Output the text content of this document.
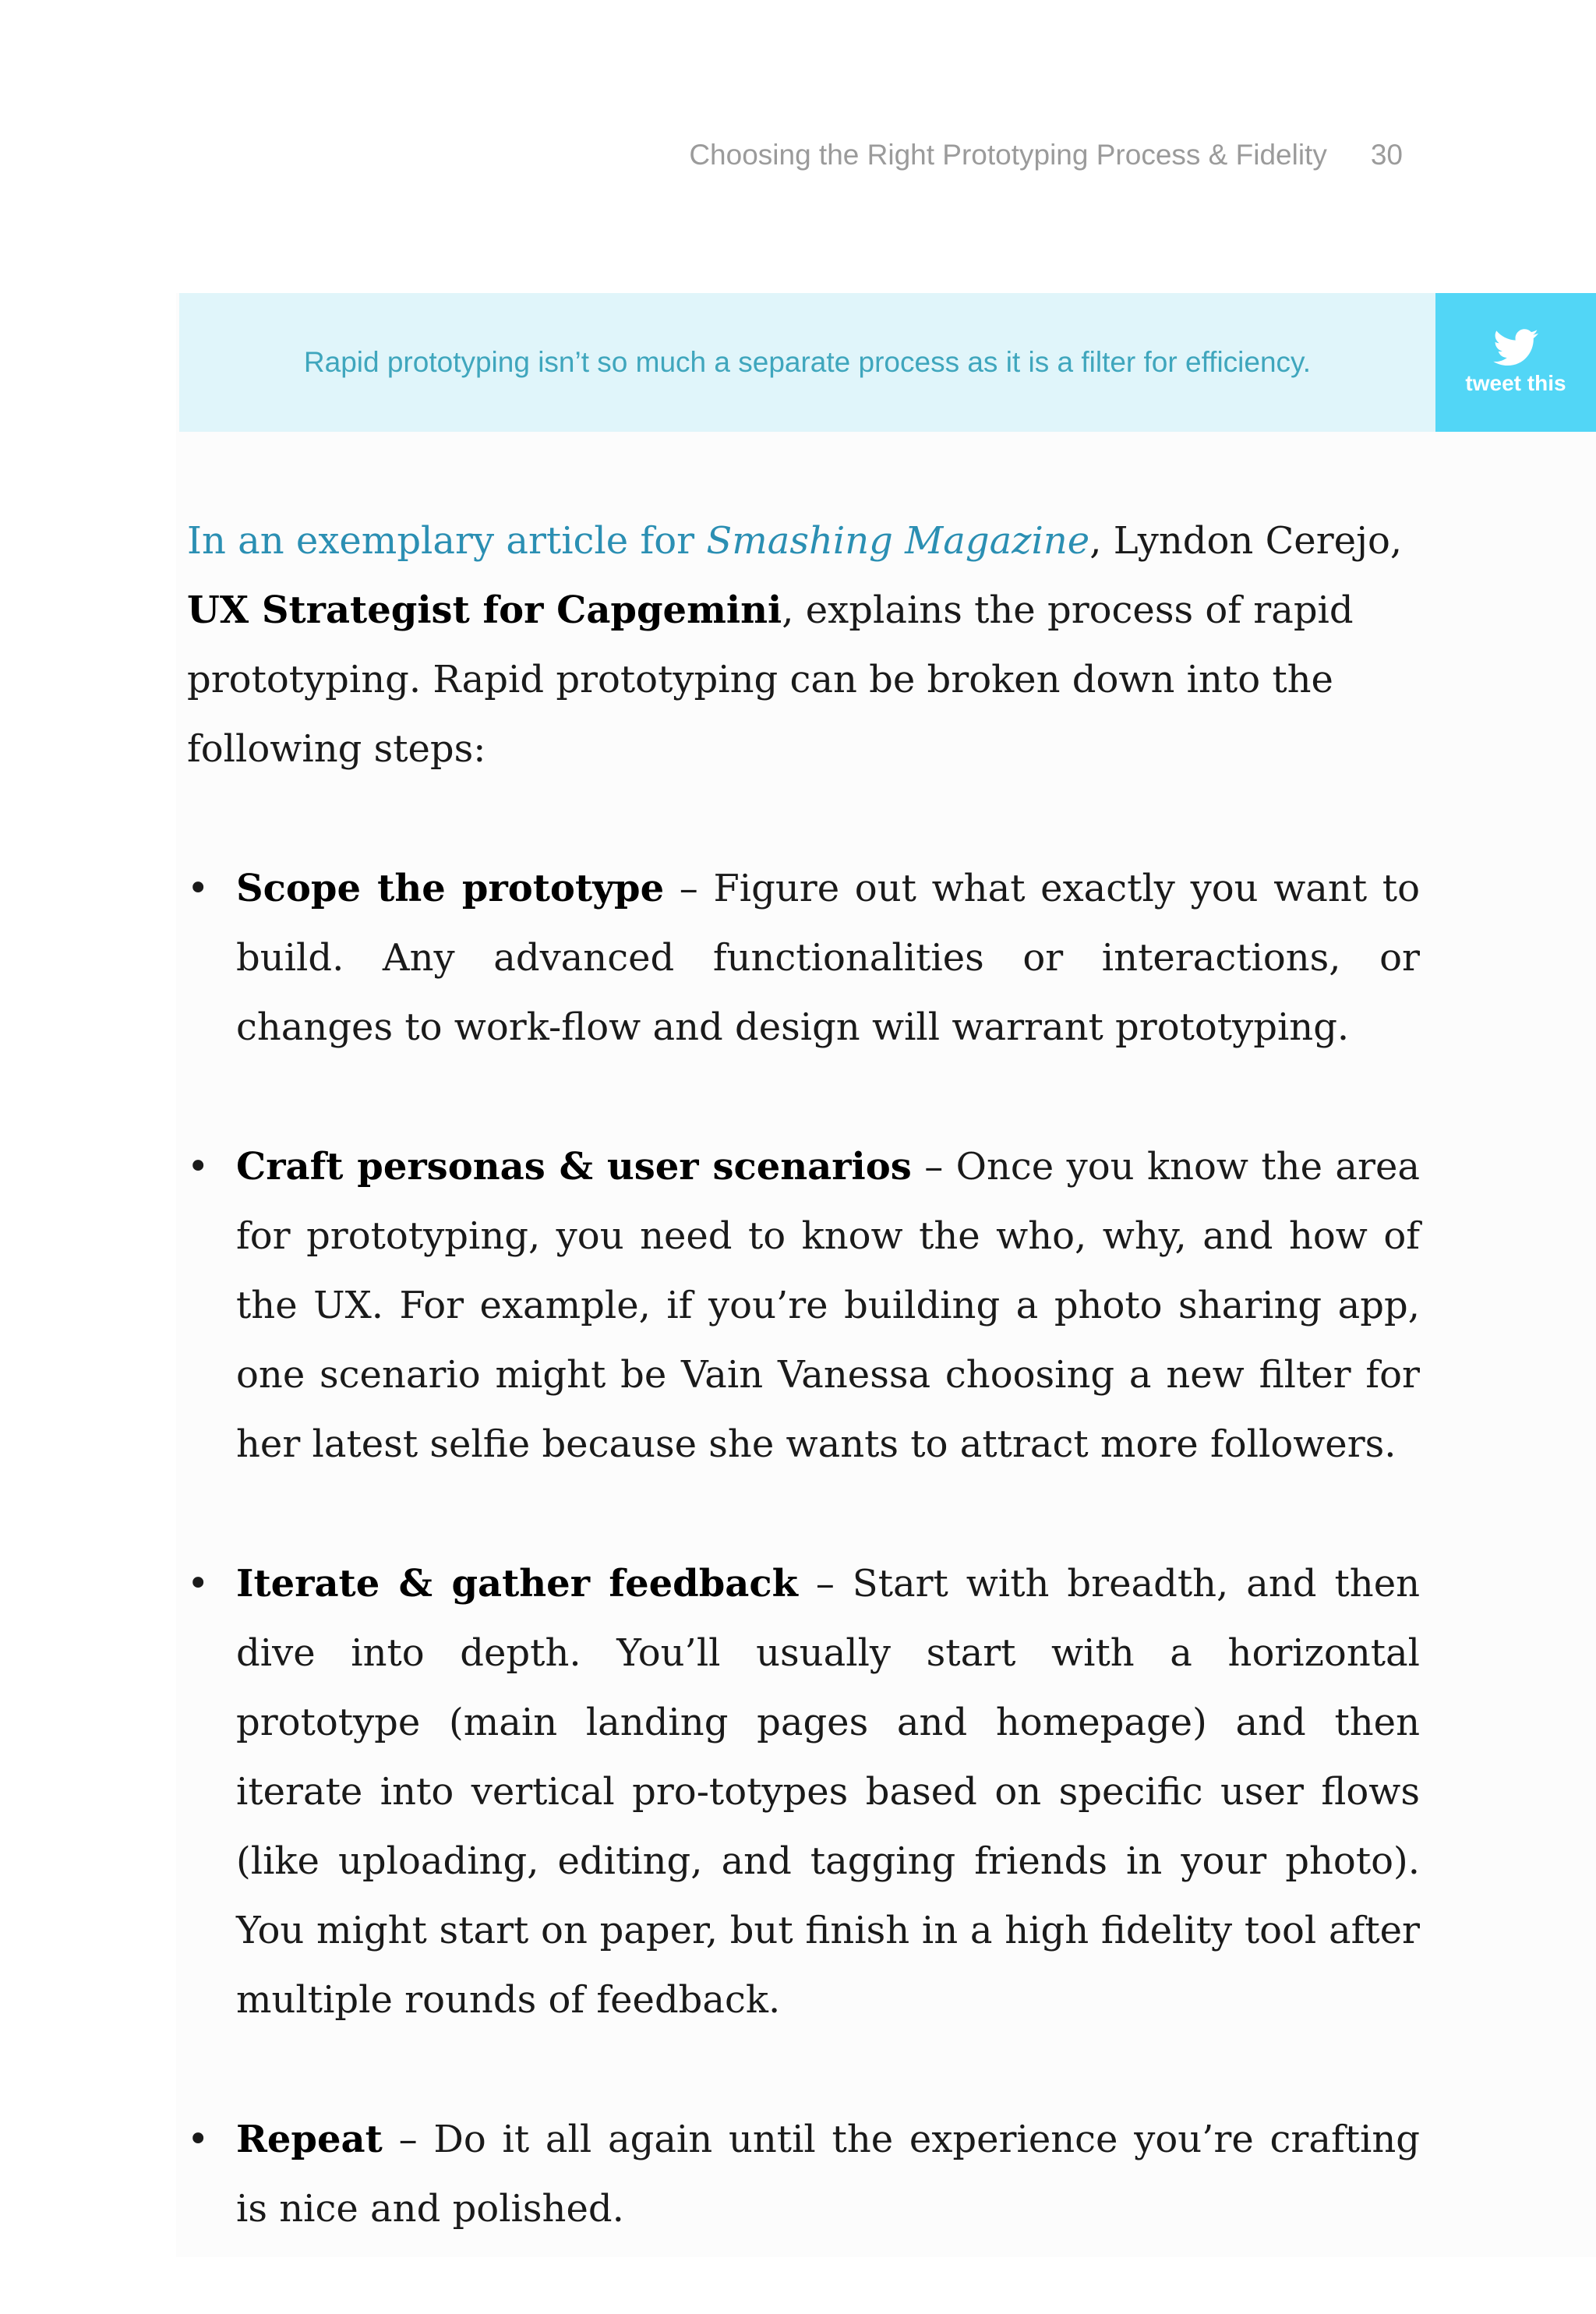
Choosing the Right Prototyping Process & Fidelity 30
Rapid prototyping isn’t so much a separate process as it is a filter for efficiency.
tweet this

In an exemplary article for Smashing Magazine, Lyndon Cerejo, UX Strategist for Capgemini, explains the process of rapid prototyping. Rapid prototyping can be broken down into the following steps:

• Scope the prototype – Figure out what exactly you want to build. Any advanced functionalities or interactions, or changes to work-flow and design will warrant prototyping.
• Craft personas & user scenarios – Once you know the area for prototyping, you need to know the who, why, and how of the UX. For example, if you’re building a photo sharing app, one scenario might be Vain Vanessa choosing a new filter for her latest selfie because she wants to attract more followers.
• Iterate & gather feedback – Start with breadth, and then dive into depth. You’ll usually start with a horizontal prototype (main landing pages and homepage) and then iterate into vertical pro-totypes based on specific user flows (like uploading, editing, and tagging friends in your photo). You might start on paper, but finish in a high fidelity tool after multiple rounds of feedback.
• Repeat – Do it all again until the experience you’re crafting is nice and polished.
